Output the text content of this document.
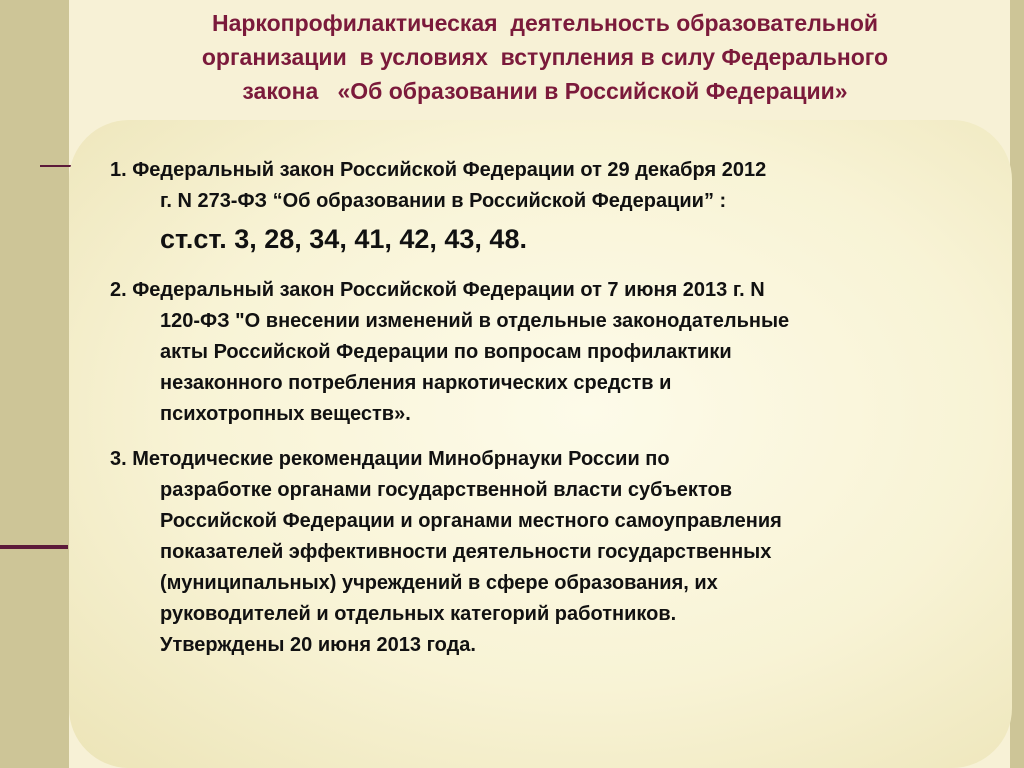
Наркопрофилактическая  деятельность образовательной
организации  в условиях  вступления в силу Федерального
закона   «Об образовании в Российской Федерации»
1. Федеральный закон Российской Федерации от 29 декабря 2012
г. N 273-ФЗ “Об образовании в Российской Федерации” :
ст.ст. 3, 28, 34, 41, 42, 43, 48.
2. Федеральный закон Российской Федерации от 7 июня 2013 г. N
120-ФЗ "О внесении изменений в отдельные законодательные
акты Российской Федерации по вопросам профилактики
незаконного потребления наркотических средств и
психотропных веществ».
3. Методические рекомендации Минобрнауки России по
разработке органами государственной власти субъектов
Российской Федерации и органами местного самоуправления
показателей эффективности деятельности государственных
(муниципальных) учреждений в сфере образования, их
руководителей и отдельных категорий работников.
Утверждены 20 июня 2013 года.
